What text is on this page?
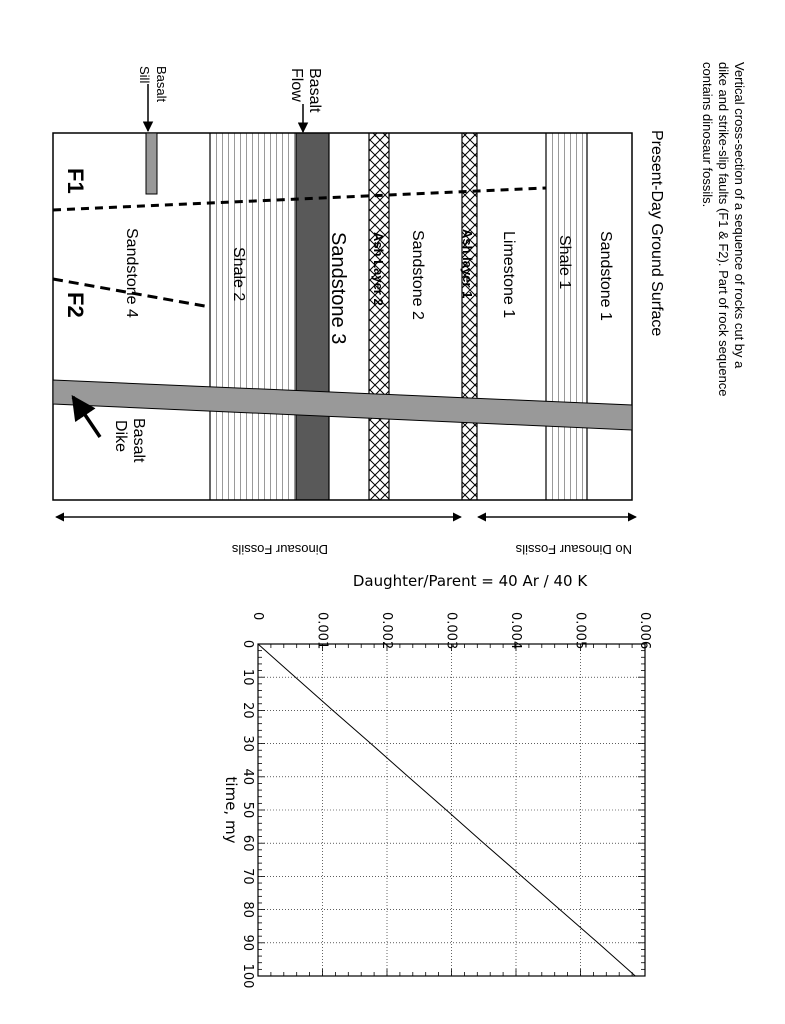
Vertical cross-section of a sequence of rocks cut by a
dike and strike-slip faults (F1 & F2). Part of rock sequence
contains dinosaur fossils.
Present-Day Ground Surface
F1
F2	Sandstone 1
Shale 1
Limestone 1
Ash layer 1
Sandstone 2
Ash Layer 2
Sandstone 3
Shale 2
Sandstone 4
Basalt
Flow
Basalt
Sill
Basalt
Dike
No Dinosaur Fossils
Dinosaur Fossils
0	0.001	0.002	0.003	0.004	0.005	0.006
0
10
20
30
40
50
60
70
80
90
100
Daughter/Parent = 40 Ar / 40 K
time, my
